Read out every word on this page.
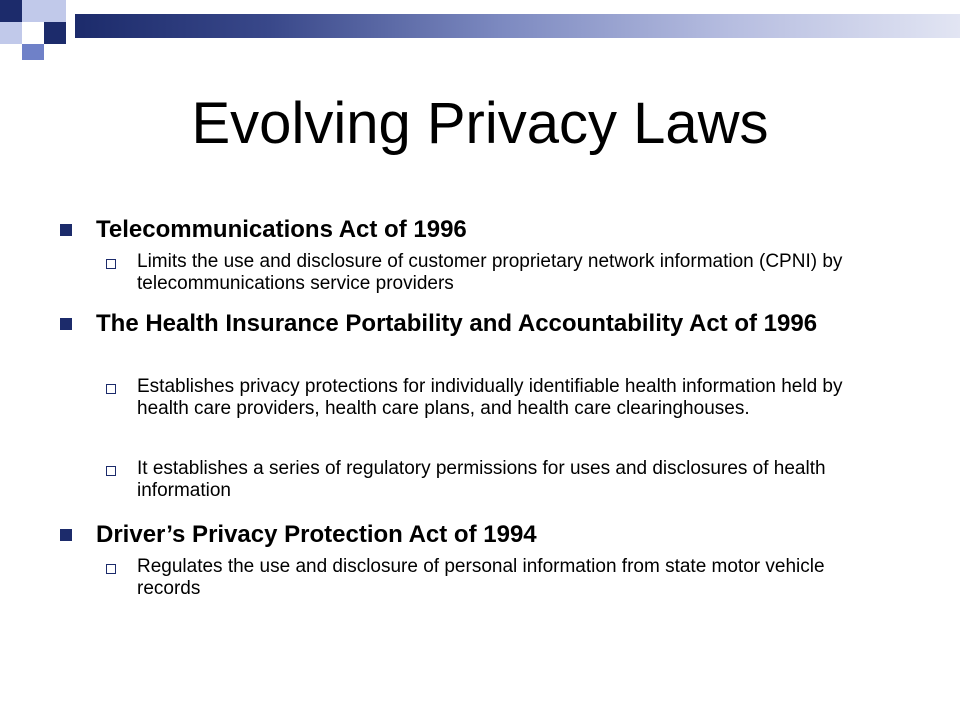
Evolving Privacy Laws
Telecommunications Act of 1996
Limits the use and disclosure of customer proprietary network information (CPNI) by telecommunications service providers
The Health Insurance Portability and Accountability Act of 1996
Establishes privacy protections for individually identifiable health information held by health care providers, health care plans, and health care clearinghouses.
It establishes a series of regulatory permissions for uses and disclosures of health information
Driver’s Privacy Protection Act of 1994
Regulates the use and disclosure of personal information from state motor vehicle records
